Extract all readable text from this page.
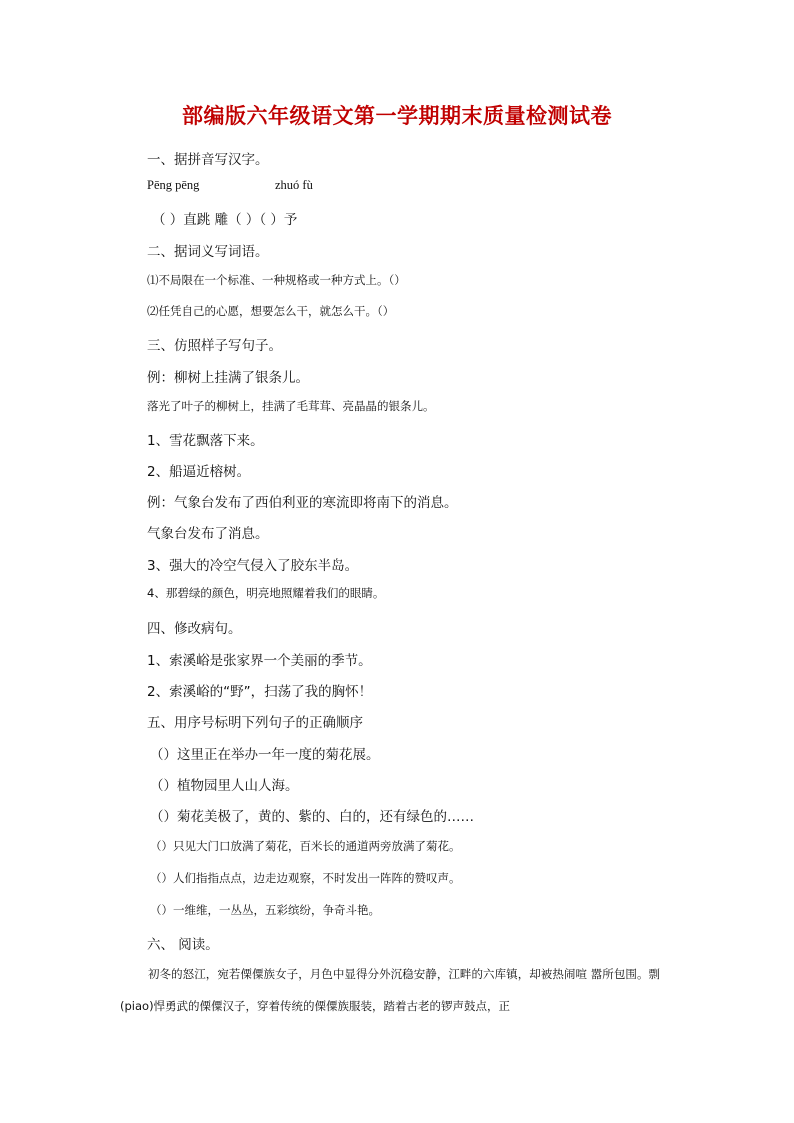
部编版六年级语文第一学期期末质量检测试卷
一、据拼音写汉字。
Pēng pēng	zhuó fù
（ ）直跳 雕（ ）（ ）予
二、据词义写词语。
⑴不局限在一个标准、一种规格或一种方式上。（）
⑵任凭自己的心愿，想要怎么干，就怎么干。（）
三、仿照样子写句子。
例：柳树上挂满了银条儿。
落光了叶子的柳树上，挂满了毛茸茸、亮晶晶的银条儿。
1、雪花飘落下来。
2、船逼近榕树。
例：气象台发布了西伯利亚的寒流即将南下的消息。
气象台发布了消息。
3、强大的冷空气侵入了胶东半岛。
4、那碧绿的颜色，明亮地照耀着我们的眼睛。
四、修改病句。
1、索溪峪是张家界一个美丽的季节。
2、索溪峪的“野”，扫荡了我的胸怀！
五、用序号标明下列句子的正确顺序
（）这里正在举办一年一度的菊花展。
（）植物园里人山人海。
（）菊花美极了，黄的、紫的、白的，还有绿色的……
（）只见大门口放满了菊花，百米长的通道两旁放满了菊花。
（）人们指指点点，边走边观察，不时发出一阵阵的赞叹声。
（）一维维，一丛丛，五彩缤纷，争奇斗艳。
六、 阅读。
初冬的怒江，宛若傈僳族女子，月色中显得分外沉稳安静，江畔的六库镇，却被热闹喧 嚣所包围。剽(piao)悍勇武的傈僳汉子，穿着传统的傈僳族服装，踏着古老的锣声鼓点，正
